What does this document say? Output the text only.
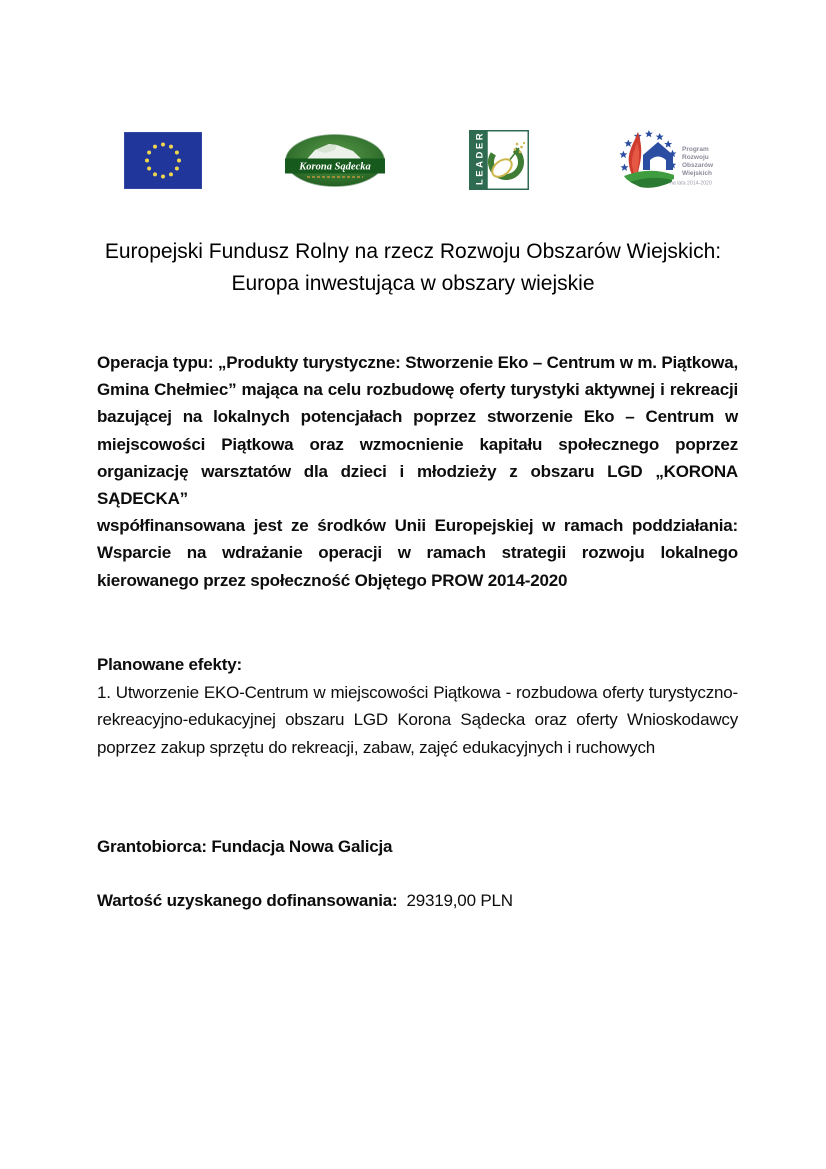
Korona Sądecka	LEADER	Program
Rozwoju
Obszarów
Wiejskich
na lata 2014-2020
Europejski Fundusz Rolny na rzecz Rozwoju Obszarów Wiejskich:
Europa inwestująca w obszary wiejskie

Operacja typu: „Produkty turystyczne: Stworzenie Eko – Centrum w m. Piątkowa, Gmina Chełmiec” mająca na celu rozbudowę oferty turystyki aktywnej i rekreacji bazującej na lokalnych potencjałach poprzez stworzenie Eko – Centrum w miejscowości Piątkowa oraz wzmocnienie kapitału społecznego poprzez organizację warsztatów dla dzieci i młodzieży z obszaru LGD „KORONA SĄDECKA”

współfinansowana jest ze środków Unii Europejskiej w ramach poddziałania: Wsparcie na wdrażanie operacji w ramach strategii rozwoju lokalnego kierowanego przez społeczność Objętego PROW 2014-2020

Planowane efekty:

1. Utworzenie EKO-Centrum w miejscowości Piątkowa - rozbudowa oferty turystyczno-rekreacyjno-edukacyjnej obszaru LGD Korona Sądecka oraz oferty Wnioskodawcy poprzez zakup sprzętu do rekreacji, zabaw, zajęć edukacyjnych i ruchowych

Grantobiorca: Fundacja Nowa Galicja
Wartość uzyskanego dofinansowania: 29319,00 PLN
